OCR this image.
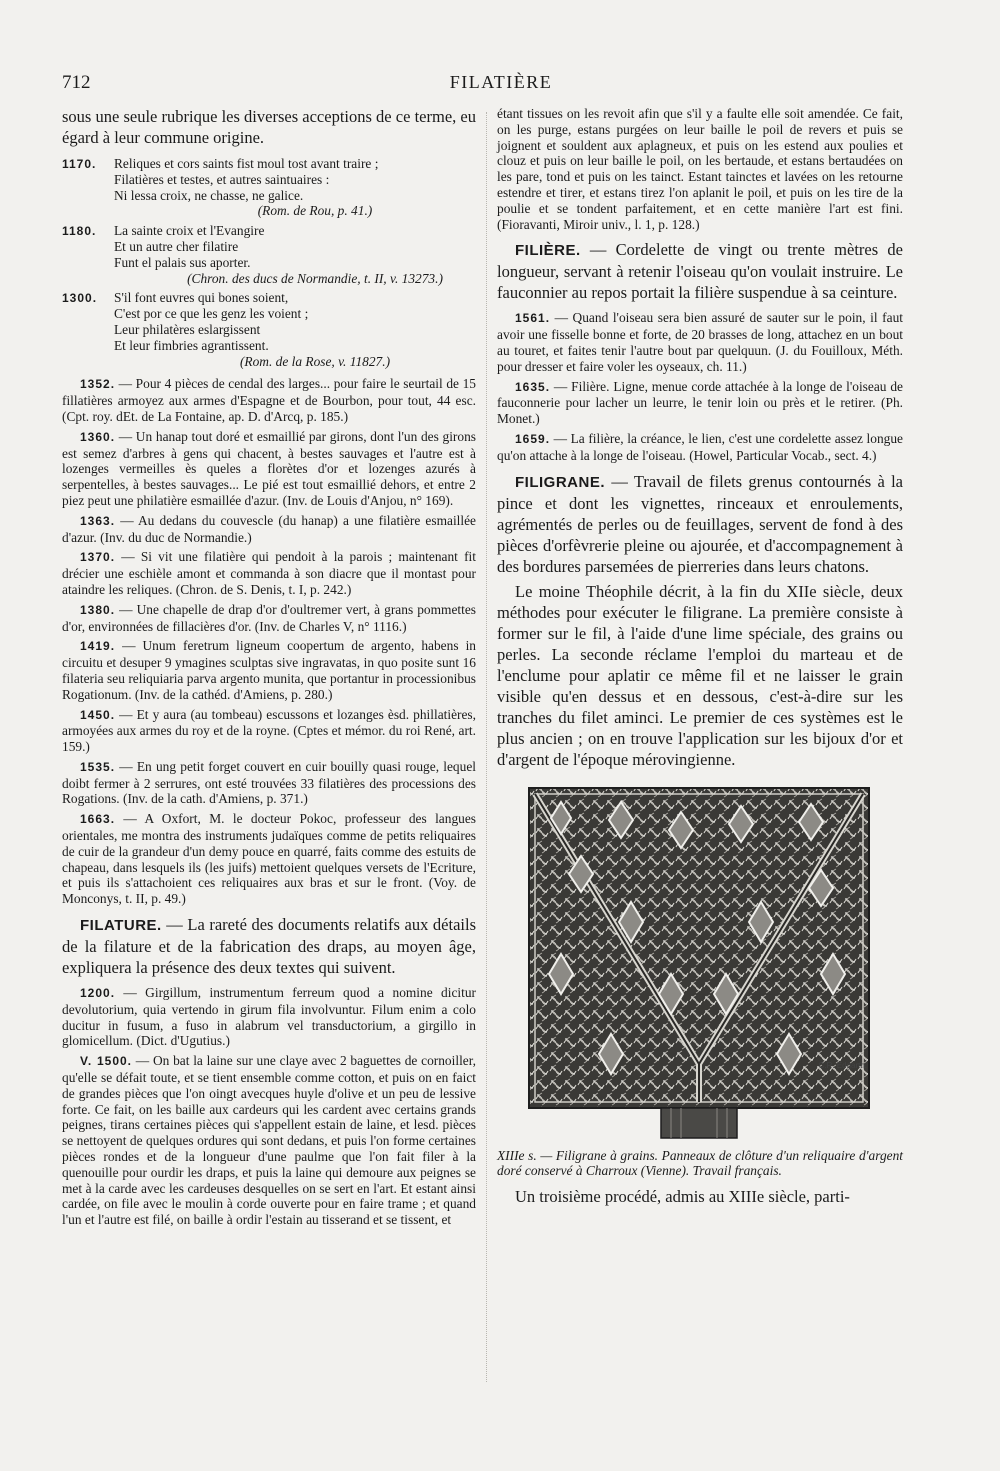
712	FILATIÈRE

sous une seule rubrique les diverses acceptions de ce terme, eu égard à leur commune origine.

1170.	Reliques et cors saints fist moul tost avant traire ;
Filatières et testes, et autres saintuaires :
Ni lessa croix, ne chasse, ne galice.
(Rom. de Rou, p. 41.)
1180.	La sainte croix et l'Evangire
Et un autre cher filatire
Funt el palais sus aporter.
(Chron. des ducs de Normandie, t. II, v. 13273.)
1300.	S'il font euvres qui bones soient,
C'est por ce que les genz les voient ;
Leur philatères eslargissent
Et leur fimbries agrantissent.
(Rom. de la Rose, v. 11827.)

1352. — Pour 4 pièces de cendal des larges... pour faire le seurtail de 15 fillatières armoyez aux armes d'Espagne et de Bourbon, pour tout, 44 esc. (Cpt. roy. dEt. de La Fontaine, ap. D. d'Arcq, p. 185.)

1360. — Un hanap tout doré et esmaillié par girons, dont l'un des girons est semez d'arbres à gens qui chacent, à bestes sauvages et l'autre est à lozenges vermeilles ès queles a florètes d'or et lozenges azurés à serpentelles, à bestes sauvages... Le pié est tout esmaillié dehors, et entre 2 piez peut une philatière esmaillée d'azur. (Inv. de Louis d'Anjou, n° 169).

1363. — Au dedans du couvescle (du hanap) a une filatière esmaillée d'azur. (Inv. du duc de Normandie.)

1370. — Si vit une filatière qui pendoit à la parois ; maintenant fit drécier une eschièle amont et commanda à son diacre que il montast pour ataindre les reliques. (Chron. de S. Denis, t. I, p. 242.)

1380. — Une chapelle de drap d'or d'oultremer vert, à grans pommettes d'or, environnées de fillacières d'or. (Inv. de Charles V, n° 1116.)

1419. — Unum feretrum ligneum coopertum de argento, habens in circuitu et desuper 9 ymagines sculptas sive ingravatas, in quo posite sunt 16 filateria seu reliquiaria parva argento munita, que portantur in processionibus Rogationum. (Inv. de la cathéd. d'Amiens, p. 280.)

1450. — Et y aura (au tombeau) escussons et lozanges èsd. phillatières, armoyées aux armes du roy et de la royne. (Cptes et mémor. du roi René, art. 159.)

1535. — En ung petit forget couvert en cuir bouilly quasi rouge, lequel doibt fermer à 2 serrures, ont esté trouvées 33 filatières des processions des Rogations. (Inv. de la cath. d'Amiens, p. 371.)

1663. — A Oxfort, M. le docteur Pokoc, professeur des langues orientales, me montra des instruments judaïques comme de petits reliquaires de cuir de la grandeur d'un demy pouce en quarré, faits comme des estuits de chapeau, dans lesquels ils (les juifs) mettoient quelques versets de l'Ecriture, et puis ils s'attachoient ces reliquaires aux bras et sur le front. (Voy. de Monconys, t. II, p. 49.)

FILATURE. — La rareté des documents relatifs aux détails de la filature et de la fabrication des draps, au moyen âge, expliquera la présence des deux textes qui suivent.

1200. — Girgillum, instrumentum ferreum quod a nomine dicitur devolutorium, quia vertendo in girum fila involvuntur. Filum enim a colo ducitur in fusum, a fuso in alabrum vel transductorium, a girgillo in glomicellum. (Dict. d'Ugutius.)

V. 1500. — On bat la laine sur une claye avec 2 baguettes de cornoiller, qu'elle se défait toute, et se tient ensemble comme cotton, et puis on en faict de grandes pièces que l'on oingt avecques huyle d'olive et un peu de lessive forte. Ce fait, on les baille aux cardeurs qui les cardent avec certains grands peignes, tirans certaines pièces qui s'appellent estain de laine, et lesd. pièces se nettoyent de quelques ordures qui sont dedans, et puis l'on forme certaines pièces rondes et de la longueur d'une paulme que l'on fait filer à la quenouille pour ourdir les draps, et puis la laine qui demoure aux peignes se met à la carde avec les cardeuses desquelles on se sert en l'art. Et estant ainsi cardée, on file avec le moulin à corde ouverte pour en faire trame ; et quand l'un et l'autre est filé, on baille à ordir l'estain au tisserand et se tissent, et

étant tissues on les revoit afin que s'il y a faulte elle soit amendée. Ce fait, on les purge, estans purgées on leur baille le poil de revers et puis se joignent et souldent aux aplagneux, et puis on les estend aux poulies et clouz et puis on leur baille le poil, on les bertaude, et estans bertaudées on les pare, tond et puis on les tainct. Estant tainctes et lavées on les retourne estendre et tirer, et estans tirez l'on aplanit le poil, et puis on les tire de la poulie et se tondent parfaitement, et en cette manière l'art est fini. (Fioravanti, Miroir univ., l. 1, p. 128.)

FILIÈRE. — Cordelette de vingt ou trente mètres de longueur, servant à retenir l'oiseau qu'on voulait instruire. Le fauconnier au repos portait la filière suspendue à sa ceinture.

1561. — Quand l'oiseau sera bien assuré de sauter sur le poin, il faut avoir une fisselle bonne et forte, de 20 brasses de long, attachez en un bout au touret, et faites tenir l'autre bout par quelquun. (J. du Fouilloux, Méth. pour dresser et faire voler les oyseaux, ch. 11.)

1635. — Filière. Ligne, menue corde attachée à la longe de l'oiseau de fauconnerie pour lacher un leurre, le tenir loin ou près et le retirer. (Ph. Monet.)

1659. — La filière, la créance, le lien, c'est une cordelette assez longue qu'on attache à la longe de l'oiseau. (Howel, Particular Vocab., sect. 4.)

FILIGRANE. — Travail de filets grenus contournés à la pince et dont les vignettes, rinceaux et enroulements, agrémentés de perles ou de feuillages, servent de fond à des pièces d'orfèvrerie pleine ou ajourée, et d'accompagnement à des bordures parsemées de pierreries dans leurs chatons.

Le moine Théophile décrit, à la fin du XIIe siècle, deux méthodes pour exécuter le filigrane. La première consiste à former sur le fil, à l'aide d'une lime spéciale, des grains ou perles. La seconde réclame l'emploi du marteau et de l'enclume pour aplatir ce même fil et ne laisser le grain visible qu'en dessus et en dessous, c'est-à-dire sur les tranches du filet aminci. Le premier de ces systèmes est le plus ancien ; on en trouve l'application sur les bijoux d'or et d'argent de l'époque mérovingienne.

C.R. Edgarth.

XIIIe s. — Filigrane à grains. Panneaux de clôture d'un reliquaire d'argent doré conservé à Charroux (Vienne). Travail français.

Un troisième procédé, admis au XIIIe siècle, parti-
